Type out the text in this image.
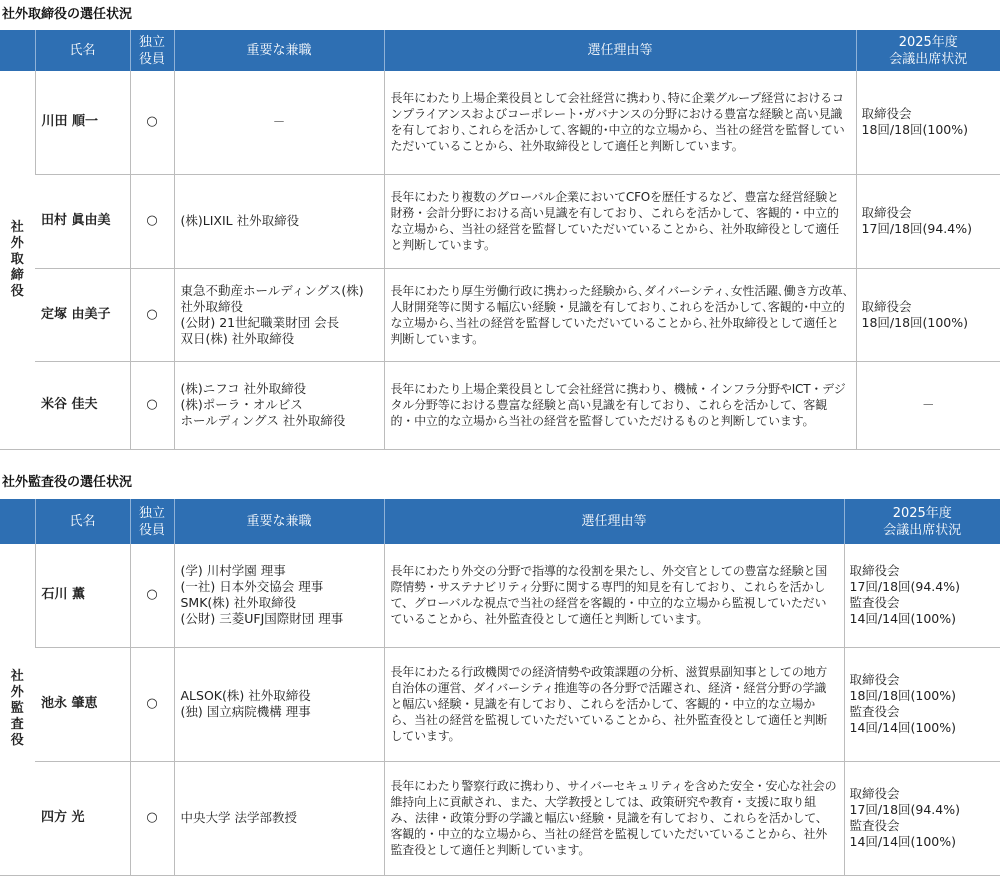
社外取締役の選任状況
	氏名	独立
役員	重要な兼職	選任理由等	2025年度
会議出席状況
社外取締役	川田 順一	○	－	長年にわたり上場企業役員として会社経営に携わり､特に企業グループ経営におけるコンプライアンスおよびコーポレート･ガバナンスの分野における豊富な経験と高い見識を有しており､これらを活かして､客観的･中立的な立場から、当社の経営を監督していただいていることから、社外取締役として適任と判断しています。	取締役会
18回/18回(100%)
	田村 眞由美	○	(株)LIXIL 社外取締役	長年にわたり複数のグローバル企業においてCFOを歴任するなど、豊富な経営経験と財務・会計分野における高い見識を有しており、これらを活かして、客観的・中立的な立場から、当社の経営を監督していただいていることから、社外取締役として適任と判断しています。	取締役会
17回/18回(94.4%)
	定塚 由美子	○	東急不動産ホールディングス(株)
社外取締役
(公財) 21世紀職業財団 会長
双日(株) 社外取締役	長年にわたり厚生労働行政に携わった経験から､ダイバーシティ､女性活躍､働き方改革､人財開発等に関する幅広い経験・見識を有しており､これらを活かして､客観的･中立的な立場から､当社の経営を監督していただいていることから､社外取締役として適任と判断しています。	取締役会
18回/18回(100%)
	米谷 佳夫	○	(株)ニフコ 社外取締役
(株)ポーラ・オルビス
ホールディングス 社外取締役	長年にわたり上場企業役員として会社経営に携わり、機械・インフラ分野やICT・デジタル分野等における豊富な経験と高い見識を有しており、これらを活かして、客観的・中立的な立場から当社の経営を監督していただけるものと判断しています。	－
社外監査役の選任状況
	氏名	独立
役員	重要な兼職	選任理由等	2025年度
会議出席状況
社外監査役	石川 薫	○	(学) 川村学園 理事
(一社) 日本外交協会 理事
SMK(株) 社外取締役
(公財) 三菱UFJ国際財団 理事	長年にわたり外交の分野で指導的な役割を果たし、外交官としての豊富な経験と国際情勢・サステナビリティ分野に関する専門的知見を有しており、これらを活かして、グローバルな視点で当社の経営を客観的・中立的な立場から監視していただいていることから、社外監査役として適任と判断しています。	取締役会
17回/18回(94.4%)
監査役会
14回/14回(100%)
	池永 肇恵	○	ALSOK(株) 社外取締役
(独) 国立病院機構 理事	長年にわたる行政機関での経済情勢や政策課題の分析、滋賀県副知事としての地方自治体の運営、ダイバーシティ推進等の各分野で活躍され、経済・経営分野の学識と幅広い経験・見識を有しており、これらを活かして、客観的・中立的な立場から、当社の経営を監視していただいていることから、社外監査役として適任と判断しています。	取締役会
18回/18回(100%)
監査役会
14回/14回(100%)
	四方 光	○	中央大学 法学部教授	長年にわたり警察行政に携わり、サイバーセキュリティを含めた安全・安心な社会の維持向上に貢献され、また、大学教授としては、政策研究や教育・支援に取り組み、法律・政策分野の学識と幅広い経験・見識を有しており、これらを活かして、客観的・中立的な立場から、当社の経営を監視していただいていることから、社外監査役として適任と判断しています。	取締役会
17回/18回(94.4%)
監査役会
14回/14回(100%)
